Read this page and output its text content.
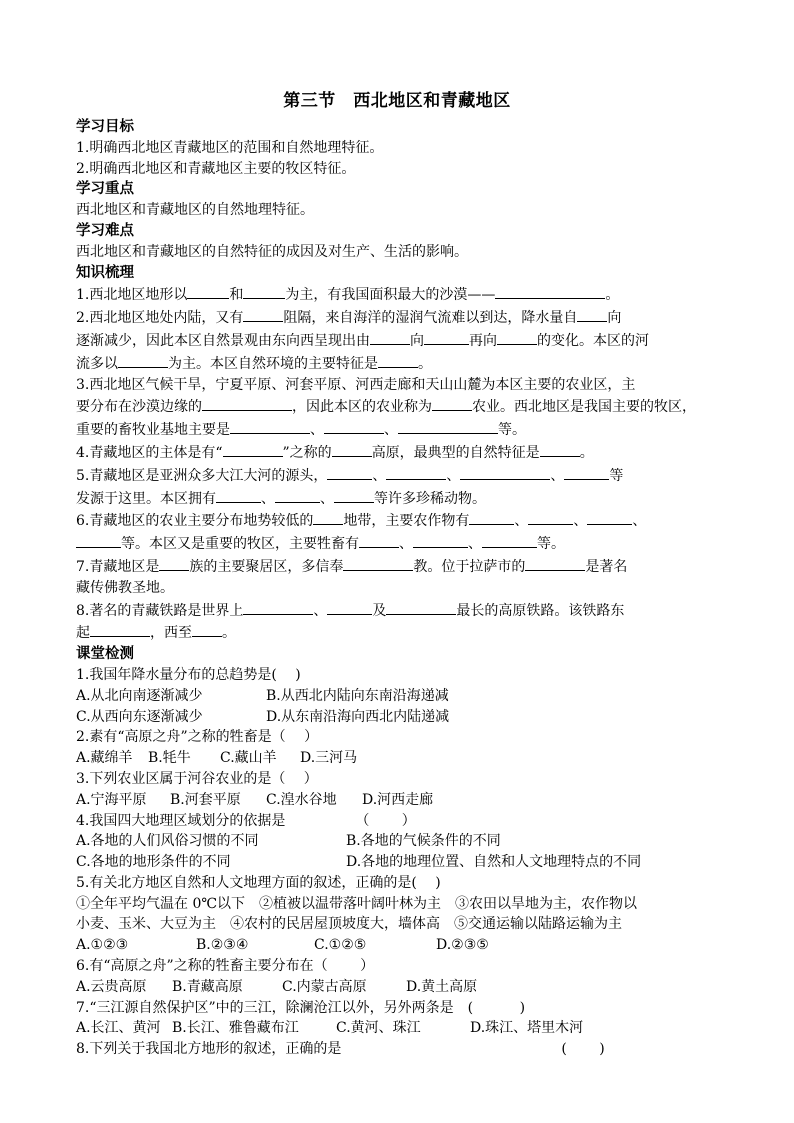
第三节　西北地区和青藏地区
学习目标

1.明确西北地区青藏地区的范围和自然地理特征。

2.明确西北地区和青藏地区主要的牧区特征。

学习重点

西北地区和青藏地区的自然地理特征。

学习难点

西北地区和青藏地区的自然特征的成因及对生产、生活的影响。

知识梳理

1.西北地区地形以	和	为主，有我国面积最大的沙漠——	。

2.西北地区地处内陆，又有	阻隔，来自海洋的湿润气流难以到达，降水量自 向

逐渐减少，因此本区自然景观由东向西呈现出由	向	再向	的变化。本区的河

流多以	为主。本区自然环境的主要特征是	。

3.西北地区气候干旱，宁夏平原、河套平原、河西走廊和天山山麓为本区主要的农业区，主

要分布在沙漠边缘的	，因此本区的农业称为	农业。西北地区是我国主要的牧区，

重要的畜牧业基地主要是	、	、	等。

4.青藏地区的主体是有“	”之称的	高原，最典型的自然特征是	。

5.青藏地区是亚洲众多大江大河的源头，	、	、	、	等

发源于这里。本区拥有	、	、	等许多珍稀动物。

6.青藏地区的农业主要分布地势较低的 地带，主要农作物有	、	、	、

等。本区又是重要的牧区，主要牲畜有	、	、	等。

7.青藏地区是 族的主要聚居区，多信奉	教。位于拉萨市的	是著名

藏传佛教圣地。

8.著名的青藏铁路是世界上	、	及	最长的高原铁路。该铁路东

起	，西至 。

课堂检测

1.我国年降水量分布的总趋势是(　 )

A.从北向南逐渐减少	B.从西北内陆向东南沿海递减
C.从西向东逐渐减少	D.从东南沿海向西北内陆递减

2.素有“高原之舟”之称的牲畜是（　 ）

A.藏绵羊	B.牦牛	C.藏山羊	D.三河马

3.下列农业区属于河谷农业的是（　 ）

A.宁海平原	B.河套平原	C.湟水谷地	D.河西走廊

4.我国四大地理区域划分的依据是	（　　 ）

A.各地的人们风俗习惯的不同	B.各地的气候条件的不同
C.各地的地形条件的不同	D.各地的地理位置、自然和人文地理特点的不同

5.有关北方地区自然和人文地理方面的叙述，正确的是(　 )

①全年平均气温在 0℃以下　②植被以温带落叶阔叶林为主　③农田以旱地为主，农作物以

小麦、玉米、大豆为主　④农村的民居屋顶坡度大，墙体高　⑤交通运输以陆路运输为主

A.①②③	B.②③④	C.①②⑤	D.②③⑤

6.有“高原之舟”之称的牲畜主要分布在（　　 ）

A.云贵高原	B.青藏高原	C.内蒙古高原	D.黄土高原

7.“三江源自然保护区”中的三江，除澜沧江以外，另外两条是　(　　　 )

A.长江、黄河 B.长江、雅鲁藏布江	C.黄河、珠江	D.珠江、塔里木河

8.下列关于我国北方地形的叙述，正确的是	(　　 )
